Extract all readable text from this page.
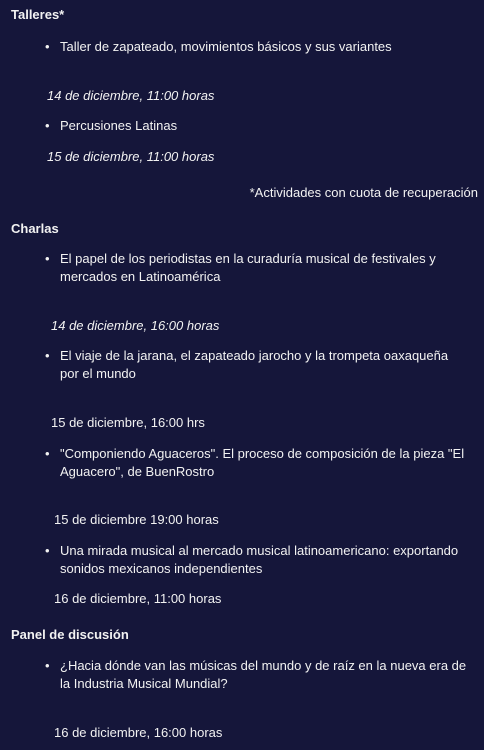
Talleres*

• Taller de zapateado, movimientos básicos y sus variantes

14 de diciembre, 11:00 horas

• Percusiones Latinas

15 de diciembre, 11:00 horas

*Actividades con cuota de recuperación

Charlas

• El papel de los periodistas en la curaduría musical de festivales y mercados en Latinoamérica

14 de diciembre, 16:00 horas

• El viaje de la jarana, el zapateado jarocho y la trompeta oaxaqueña por el mundo

15 de diciembre, 16:00 hrs

• "Componiendo Aguaceros". El proceso de composición de la pieza "El Aguacero", de BuenRostro

15 de diciembre 19:00 horas

• Una mirada musical al mercado musical latinoamericano: exportando sonidos mexicanos independientes

16 de diciembre, 11:00 horas

Panel de discusión

• ¿Hacia dónde van las músicas del mundo y de raíz en la nueva era de la Industria Musical Mundial?

16 de diciembre, 16:00 horas
